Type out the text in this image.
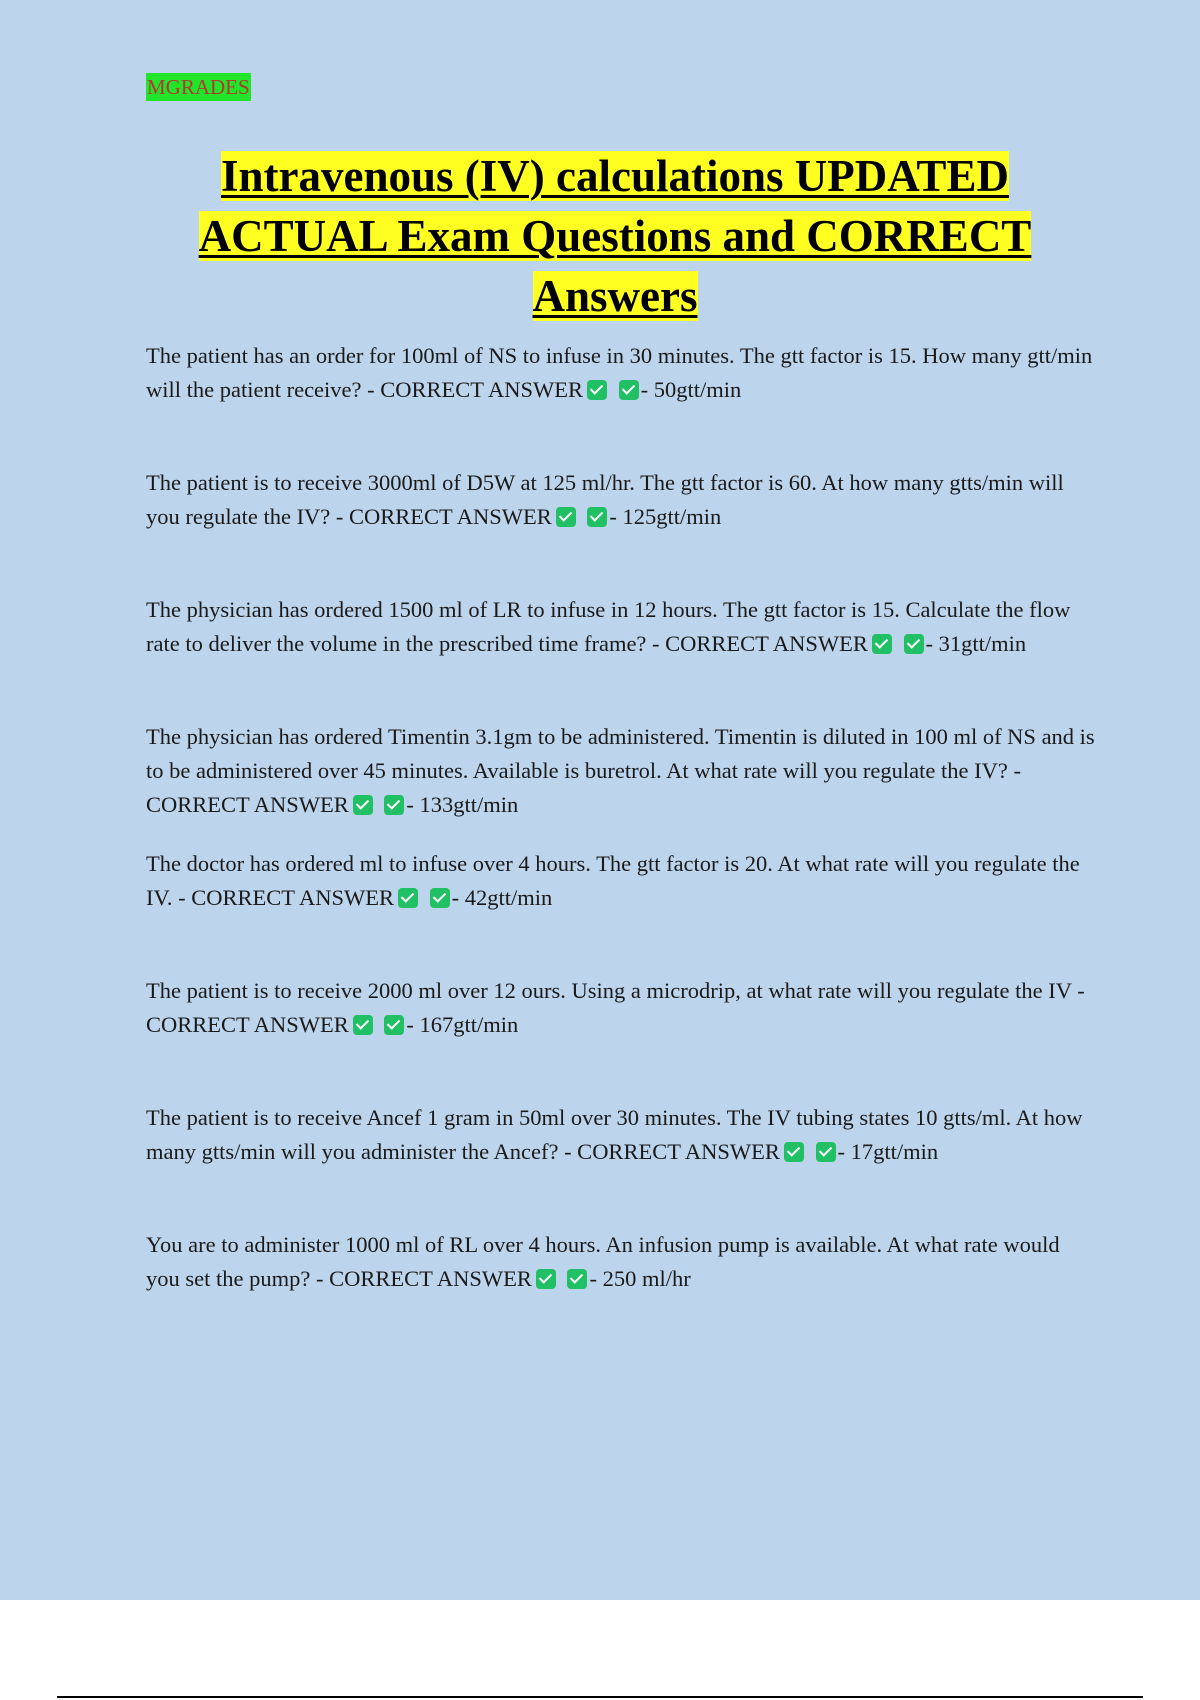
MGRADES
Intravenous (IV) calculations UPDATED ACTUAL Exam Questions and CORRECT Answers
The patient has an order for 100ml of NS to infuse in 30 minutes. The gtt factor is 15. How many gtt/min will the patient receive? - CORRECT ANSWER	- 50gtt/min
The patient is to receive 3000ml of D5W at 125 ml/hr. The gtt factor is 60. At how many gtts/min will you regulate the IV? - CORRECT ANSWER	- 125gtt/min
The physician has ordered 1500 ml of LR to infuse in 12 hours. The gtt factor is 15. Calculate the flow rate to deliver the volume in the prescribed time frame? - CORRECT ANSWER	- 31gtt/min
The physician has ordered Timentin 3.1gm to be administered. Timentin is diluted in 100 ml of NS and is to be administered over 45 minutes. Available is buretrol. At what rate will you regulate the IV? - CORRECT ANSWER	- 133gtt/min
The doctor has ordered ml to infuse over 4 hours. The gtt factor is 20. At what rate will you regulate the IV. - CORRECT ANSWER	- 42gtt/min
The patient is to receive 2000 ml over 12 ours. Using a microdrip, at what rate will you regulate the IV - CORRECT ANSWER	- 167gtt/min
The patient is to receive Ancef 1 gram in 50ml over 30 minutes. The IV tubing states 10 gtts/ml. At how many gtts/min will you administer the Ancef? - CORRECT ANSWER	- 17gtt/min
You are to administer 1000 ml of RL over 4 hours. An infusion pump is available. At what rate would you set the pump? - CORRECT ANSWER	- 250 ml/hr
